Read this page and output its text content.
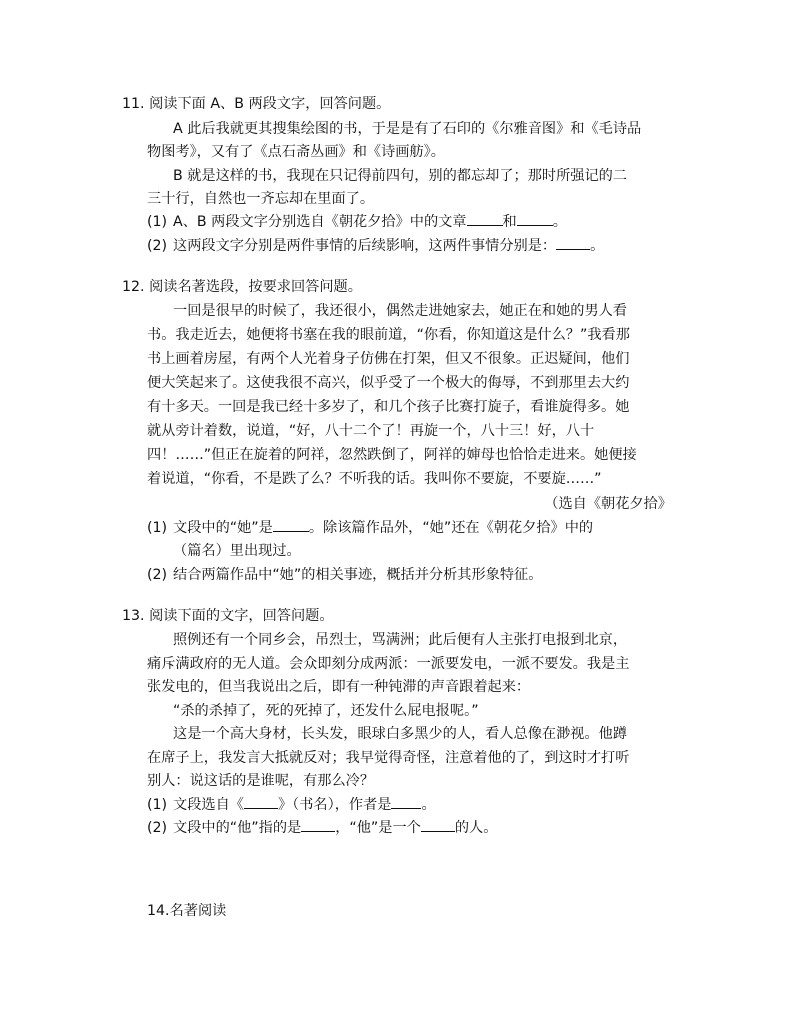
11. 阅读下面 A、B 两段文字，回答问题。
A 此后我就更其搜集绘图的书，于是是有了石印的《尔雅音图》和《毛诗品
物图考》，又有了《点石斋丛画》和《诗画舫》。
B 就是这样的书，我现在只记得前四句，别的都忘却了；那时所强记的二
三十行，自然也一齐忘却在里面了。
(1) A、B 两段文字分别选自《朝花夕拾》中的文章	和	。
(2) 这两段文字分别是两件事情的后续影响，这两件事情分别是： 。
12. 阅读名著选段，按要求回答问题。
一回是很早的时候了，我还很小，偶然走进她家去，她正在和她的男人看
书。我走近去，她便将书塞在我的眼前道，“你看，你知道这是什么？”我看那
书上画着房屋，有两个人光着身子仿佛在打架，但又不很象。正迟疑间，他们
便大笑起来了。这使我很不高兴，似乎受了一个极大的侮辱，不到那里去大约
有十多天。一回是我已经十多岁了，和几个孩子比赛打旋子，看谁旋得多。她
就从旁计着数，说道，“好，八十二个了！再旋一个，八十三！好，八十
四！……”但正在旋着的阿祥，忽然跌倒了，阿祥的婶母也恰恰走进来。她便接
着说道，“你看，不是跌了么？不听我的话。我叫你不要旋，不要旋……”
（选自《朝花夕拾》
(1) 文段中的“她”是	。除该篇作品外，“她”还在《朝花夕拾》中的
（篇名）里出现过。
(2) 结合两篇作品中“她”的相关事迹，概括并分析其形象特征。
13. 阅读下面的文字，回答问题。
照例还有一个同乡会，吊烈士，骂满洲；此后便有人主张打电报到北京，
痛斥满政府的无人道。会众即刻分成两派：一派要发电，一派不要发。我是主
张发电的，但当我说出之后，即有一种钝滞的声音跟着起来：
“杀的杀掉了，死的死掉了，还发什么屁电报呢。”
这是一个高大身材，长头发，眼球白多黑少的人，看人总像在渺视。他蹲
在席子上，我发言大抵就反对；我早觉得奇怪，注意着他的了，到这时才打听
别人：说这话的是谁呢，有那么冷？
(1) 文段选自《 》（书名），作者是 。
(2) 文段中的“他”指的是 ，“他”是一个 的人。
14.名著阅读
